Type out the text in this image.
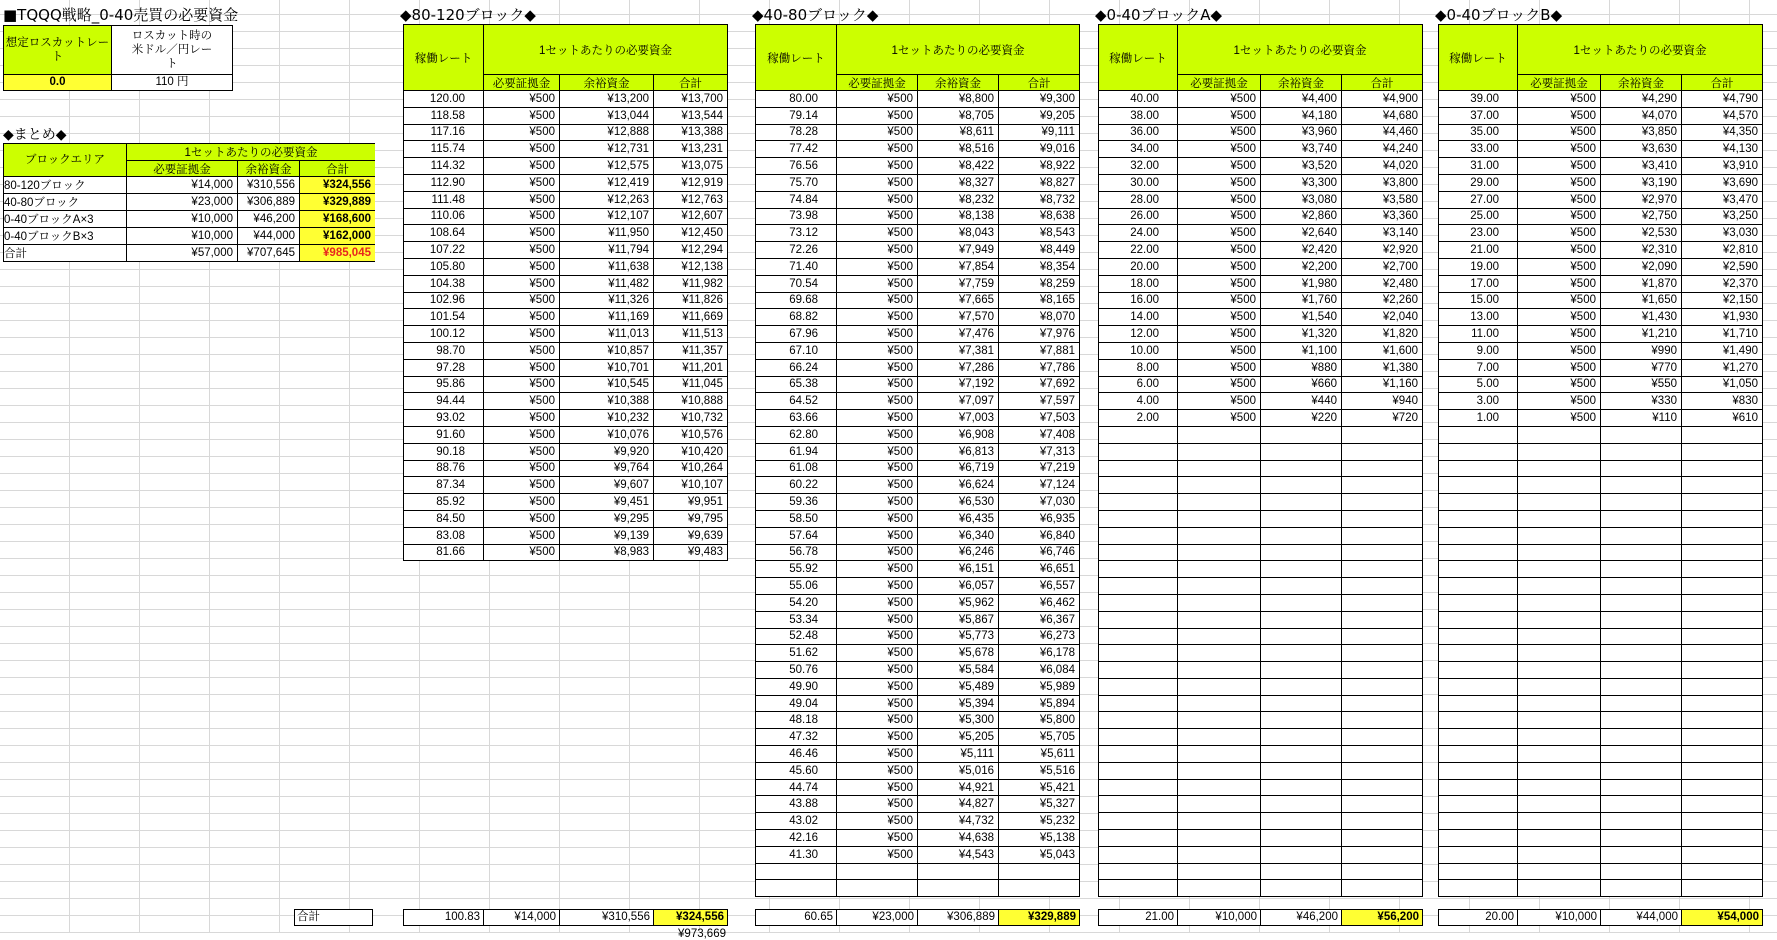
■TQQQ戦略_0-40売買の必要資金
想定ロスカットレート
ロスカット時の米ドル／円レート
0.0	110 円
◆まとめ◆
ブロックエリア
1セットあたりの必要資金
必要証拠金	余裕資金	合計
80-120ブロック	¥14,000	¥310,556	¥324,556
40-80ブロック	¥23,000	¥306,889	¥329,889
0-40ブロックA×3	¥10,000	¥46,200	¥168,600
0-40ブロックB×3	¥10,000	¥44,000	¥162,000
合計	¥57,000	¥707,645	¥985,045
合計
◆80-120ブロック◆
稼働レート
1セットあたりの必要資金
必要証拠金	余裕資金	合計
120.00	¥500	¥13,200	¥13,700
118.58	¥500	¥13,044	¥13,544
117.16	¥500	¥12,888	¥13,388
115.74	¥500	¥12,731	¥13,231
114.32	¥500	¥12,575	¥13,075
112.90	¥500	¥12,419	¥12,919
111.48	¥500	¥12,263	¥12,763
110.06	¥500	¥12,107	¥12,607
108.64	¥500	¥11,950	¥12,450
107.22	¥500	¥11,794	¥12,294
105.80	¥500	¥11,638	¥12,138
104.38	¥500	¥11,482	¥11,982
102.96	¥500	¥11,326	¥11,826
101.54	¥500	¥11,169	¥11,669
100.12	¥500	¥11,013	¥11,513
98.70	¥500	¥10,857	¥11,357
97.28	¥500	¥10,701	¥11,201
95.86	¥500	¥10,545	¥11,045
94.44	¥500	¥10,388	¥10,888
93.02	¥500	¥10,232	¥10,732
91.60	¥500	¥10,076	¥10,576
90.18	¥500	¥9,920	¥10,420
88.76	¥500	¥9,764	¥10,264
87.34	¥500	¥9,607	¥10,107
85.92	¥500	¥9,451	¥9,951
84.50	¥500	¥9,295	¥9,795
83.08	¥500	¥9,139	¥9,639
81.66	¥500	¥8,983	¥9,483
100.83	¥14,000	¥310,556	¥324,556
¥973,669
◆40-80ブロック◆
稼働レート
1セットあたりの必要資金
必要証拠金	余裕資金	合計
80.00	¥500	¥8,800	¥9,300
79.14	¥500	¥8,705	¥9,205
78.28	¥500	¥8,611	¥9,111
77.42	¥500	¥8,516	¥9,016
76.56	¥500	¥8,422	¥8,922
75.70	¥500	¥8,327	¥8,827
74.84	¥500	¥8,232	¥8,732
73.98	¥500	¥8,138	¥8,638
73.12	¥500	¥8,043	¥8,543
72.26	¥500	¥7,949	¥8,449
71.40	¥500	¥7,854	¥8,354
70.54	¥500	¥7,759	¥8,259
69.68	¥500	¥7,665	¥8,165
68.82	¥500	¥7,570	¥8,070
67.96	¥500	¥7,476	¥7,976
67.10	¥500	¥7,381	¥7,881
66.24	¥500	¥7,286	¥7,786
65.38	¥500	¥7,192	¥7,692
64.52	¥500	¥7,097	¥7,597
63.66	¥500	¥7,003	¥7,503
62.80	¥500	¥6,908	¥7,408
61.94	¥500	¥6,813	¥7,313
61.08	¥500	¥6,719	¥7,219
60.22	¥500	¥6,624	¥7,124
59.36	¥500	¥6,530	¥7,030
58.50	¥500	¥6,435	¥6,935
57.64	¥500	¥6,340	¥6,840
56.78	¥500	¥6,246	¥6,746
55.92	¥500	¥6,151	¥6,651
55.06	¥500	¥6,057	¥6,557
54.20	¥500	¥5,962	¥6,462
53.34	¥500	¥5,867	¥6,367
52.48	¥500	¥5,773	¥6,273
51.62	¥500	¥5,678	¥6,178
50.76	¥500	¥5,584	¥6,084
49.90	¥500	¥5,489	¥5,989
49.04	¥500	¥5,394	¥5,894
48.18	¥500	¥5,300	¥5,800
47.32	¥500	¥5,205	¥5,705
46.46	¥500	¥5,111	¥5,611
45.60	¥500	¥5,016	¥5,516
44.74	¥500	¥4,921	¥5,421
43.88	¥500	¥4,827	¥5,327
43.02	¥500	¥4,732	¥5,232
42.16	¥500	¥4,638	¥5,138
41.30	¥500	¥4,543	¥5,043
60.65	¥23,000	¥306,889	¥329,889
◆0-40ブロックA◆
稼働レート
1セットあたりの必要資金
必要証拠金	余裕資金	合計
40.00	¥500	¥4,400	¥4,900
38.00	¥500	¥4,180	¥4,680
36.00	¥500	¥3,960	¥4,460
34.00	¥500	¥3,740	¥4,240
32.00	¥500	¥3,520	¥4,020
30.00	¥500	¥3,300	¥3,800
28.00	¥500	¥3,080	¥3,580
26.00	¥500	¥2,860	¥3,360
24.00	¥500	¥2,640	¥3,140
22.00	¥500	¥2,420	¥2,920
20.00	¥500	¥2,200	¥2,700
18.00	¥500	¥1,980	¥2,480
16.00	¥500	¥1,760	¥2,260
14.00	¥500	¥1,540	¥2,040
12.00	¥500	¥1,320	¥1,820
10.00	¥500	¥1,100	¥1,600
8.00	¥500	¥880	¥1,380
6.00	¥500	¥660	¥1,160
4.00	¥500	¥440	¥940
2.00	¥500	¥220	¥720
21.00	¥10,000	¥46,200	¥56,200
◆0-40ブロックB◆
稼働レート
1セットあたりの必要資金
必要証拠金	余裕資金	合計
39.00	¥500	¥4,290	¥4,790
37.00	¥500	¥4,070	¥4,570
35.00	¥500	¥3,850	¥4,350
33.00	¥500	¥3,630	¥4,130
31.00	¥500	¥3,410	¥3,910
29.00	¥500	¥3,190	¥3,690
27.00	¥500	¥2,970	¥3,470
25.00	¥500	¥2,750	¥3,250
23.00	¥500	¥2,530	¥3,030
21.00	¥500	¥2,310	¥2,810
19.00	¥500	¥2,090	¥2,590
17.00	¥500	¥1,870	¥2,370
15.00	¥500	¥1,650	¥2,150
13.00	¥500	¥1,430	¥1,930
11.00	¥500	¥1,210	¥1,710
9.00	¥500	¥990	¥1,490
7.00	¥500	¥770	¥1,270
5.00	¥500	¥550	¥1,050
3.00	¥500	¥330	¥830
1.00	¥500	¥110	¥610
20.00	¥10,000	¥44,000	¥54,000
